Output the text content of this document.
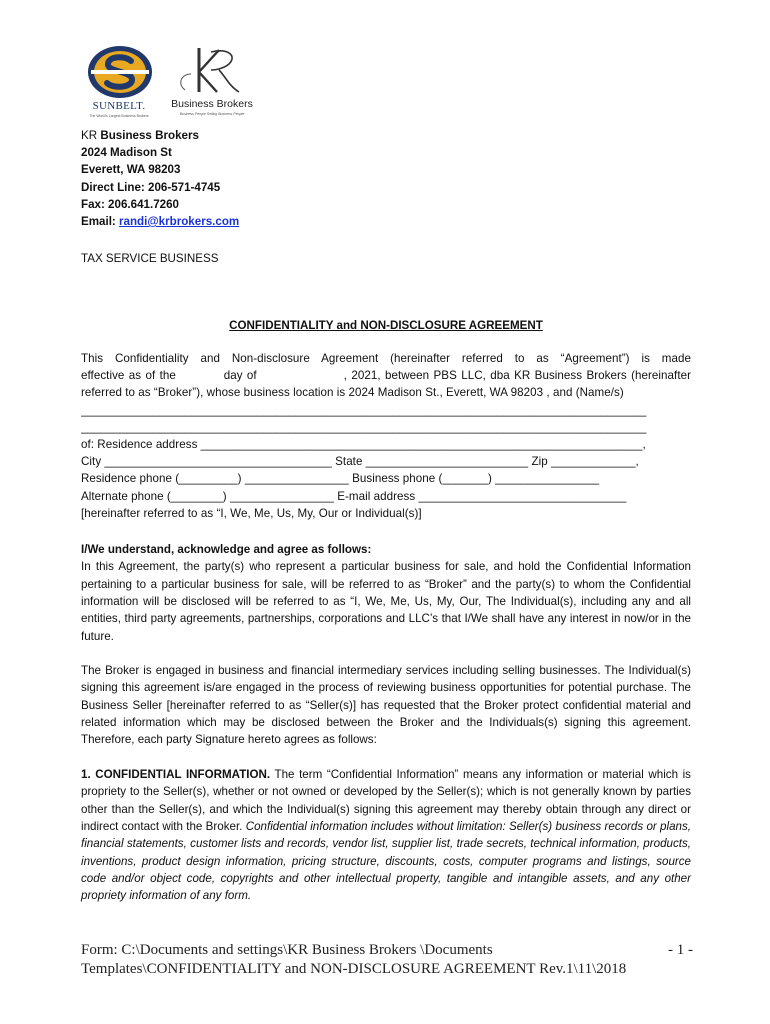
SUNBELT.
The World's Largest Business Brokers
Business Brokers
Business People Selling Business People
KR Business Brokers
2024 Madison St
Everett, WA 98203
Direct Line: 206-571-4745
Fax: 206.641.7260
Email: randi@krbrokers.com
TAX SERVICE BUSINESS
CONFIDENTIALITY and NON-DISCLOSURE AGREEMENT
This Confidentiality and Non-disclosure Agreement (hereinafter referred to as “Agreement”) is made
effective as of the           day of                    , 2021, between PBS LLC, dba KR Business Brokers (hereinafter
referred to as “Broker”), whose business location is 2024 Madison St., Everett, WA 98203 , and (Name/s)
_______________________________________________________________________________________
_______________________________________________________________________________________
of: Residence address ____________________________________________________________________,
City ___________________________________ State _________________________ Zip _____________,
Residence phone (_________) ________________ Business phone (_______) ________________
Alternate phone (________) ________________ E-mail address ________________________________
[hereinafter referred to as “I, We, Me, Us, My, Our or Individual(s)]
I/We understand, acknowledge and agree as follows:
In this Agreement, the party(s) who represent a particular business for sale, and hold the Confidential Information pertaining to a particular business for sale, will be referred to as “Broker” and the party(s) to whom the Confidential information will be disclosed will be referred to as “I, We, Me, Us, My, Our, The Individual(s), including any and all entities, third party agreements, partnerships, corporations and LLC’s that I/We shall have any interest in now/or in the future.
The Broker is engaged in business and financial intermediary services including selling businesses. The Individual(s) signing this agreement is/are engaged in the process of reviewing business opportunities for potential purchase. The Business Seller [hereinafter referred to as “Seller(s)] has requested that the Broker protect confidential material and related information which may be disclosed between the Broker and the Individuals(s) signing this agreement. Therefore, each party Signature hereto agrees as follows:
1. CONFIDENTIAL INFORMATION. The term “Confidential Information” means any information or material which is propriety to the Seller(s), whether or not owned or developed by the Seller(s); which is not generally known by parties other than the Seller(s), and which the Individual(s) signing this agreement may thereby obtain through any direct or indirect contact with the Broker. Confidential information includes without limitation: Seller(s) business records or plans, financial statements, customer lists and records, vendor list, supplier list, trade secrets, technical information, products, inventions, product design information, pricing structure, discounts, costs, computer programs and listings, source code and/or object code, copyrights and other intellectual property, tangible and intangible assets, and any other propriety information of any form.
Form: C:\Documents and settings\KR Business Brokers \Documents
Templates\CONFIDENTIALITY and NON-DISCLOSURE AGREEMENT Rev.1\11\2018
- 1 -
